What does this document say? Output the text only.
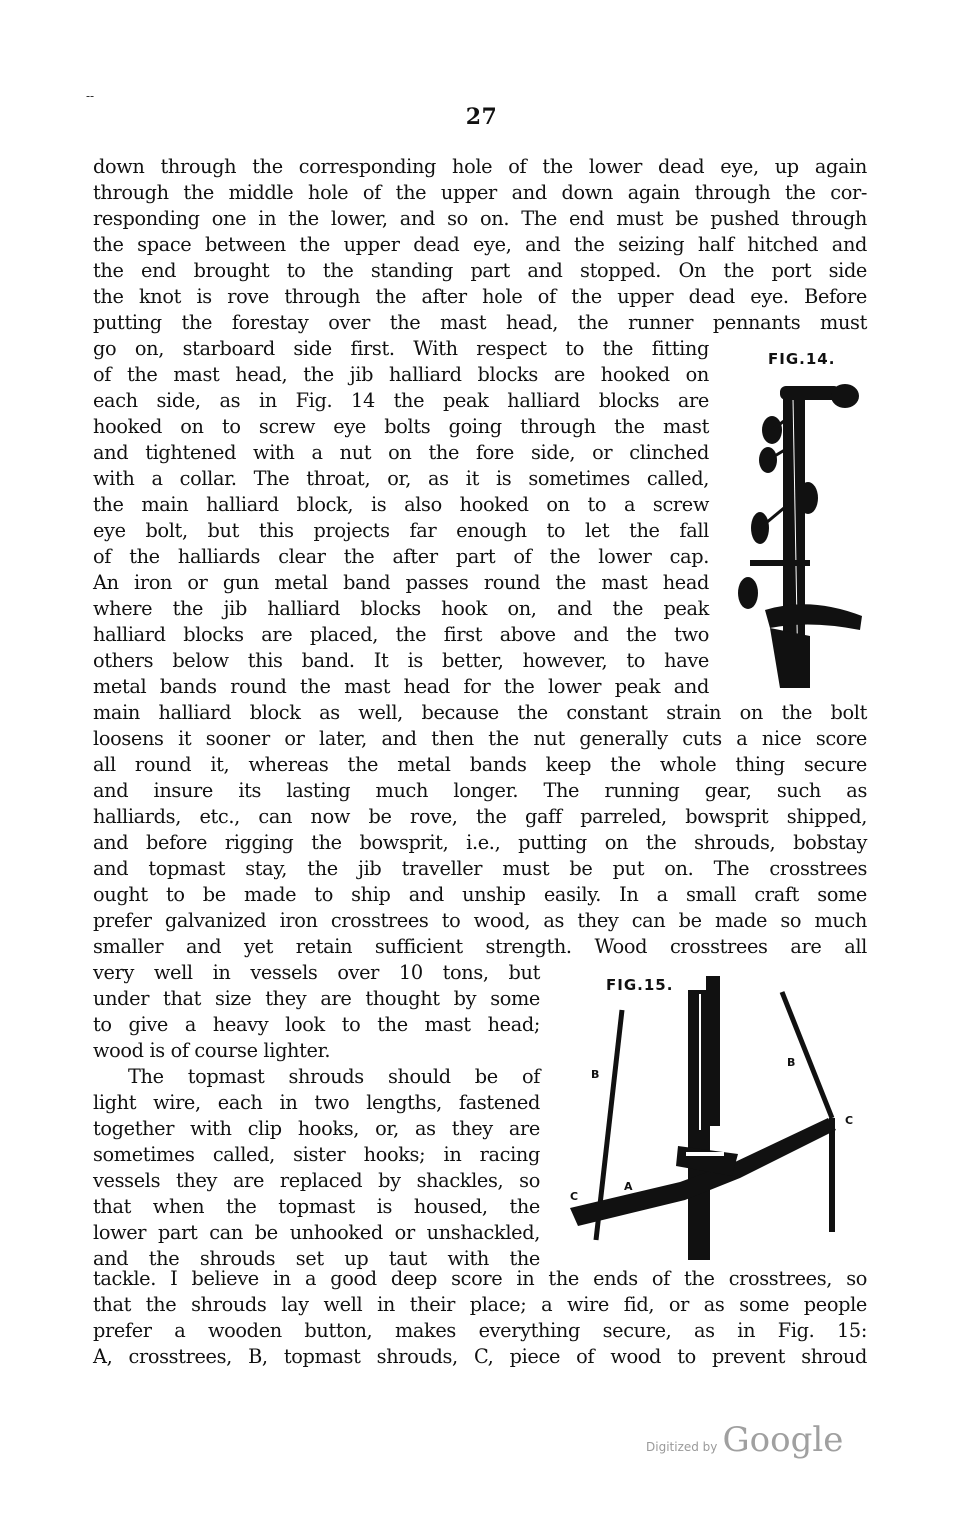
--
27
down through the corresponding hole of the lower dead eye, up again
through the middle hole of the upper and down again through the cor-
responding one in the lower, and so on. The end must be pushed through
the space between the upper dead eye, and the seizing half hitched and
the end brought to the standing part and stopped. On the port side
the knot is rove through the after hole of the upper dead eye. Before
putting the forestay over the mast head, the runner pennants must
go on, starboard side first. With respect to the fitting
of the mast head, the jib halliard blocks are hooked on
each side, as in Fig. 14 the peak halliard blocks are
hooked on to screw eye bolts going through the mast
and tightened with a nut on the fore side, or clinched
with a collar. The throat, or, as it is sometimes called,
the main halliard block, is also hooked on to a screw
eye bolt, but this projects far enough to let the fall
of the halliards clear the after part of the lower cap.
An iron or gun metal band passes round the mast head
where the jib halliard blocks hook on, and the peak
halliard blocks are placed, the first above and the two
others below this band. It is better, however, to have
metal bands round the mast head for the lower peak and
FIG.14.
main halliard block as well, because the constant strain on the bolt
loosens it sooner or later, and then the nut generally cuts a nice score
all round it, whereas the metal bands keep the whole thing secure
and insure its lasting much longer. The running gear, such as
halliards, etc., can now be rove, the gaff parreled, bowsprit shipped,
and before rigging the bowsprit, i.e., putting on the shrouds, bobstay
and topmast stay, the jib traveller must be put on. The crosstrees
ought to be made to ship and unship easily. In a small craft some
prefer galvanized iron crosstrees to wood, as they can be made so much
smaller and yet retain sufficient strength. Wood crosstrees are all
very well in vessels over 10 tons, but
under that size they are thought by some
to give a heavy look to the mast head;
wood is of course lighter.
The topmast shrouds should be of
light wire, each in two lengths, fastened
together with clip hooks, or, as they are
sometimes called, sister hooks; in racing
vessels they are replaced by shackles, so
that when the topmast is housed, the
lower part can be unhooked or unshackled,
and the shrouds set up taut with the
FIG.15.
B
B
C
C
A
tackle. I believe in a good deep score in the ends of the crosstrees, so
that the shrouds lay well in their place; a wire fid, or as some people
prefer a wooden button, makes everything secure, as in Fig. 15:
A, crosstrees, B, topmast shrouds, C, piece of wood to prevent shroud
Digitized by Google
